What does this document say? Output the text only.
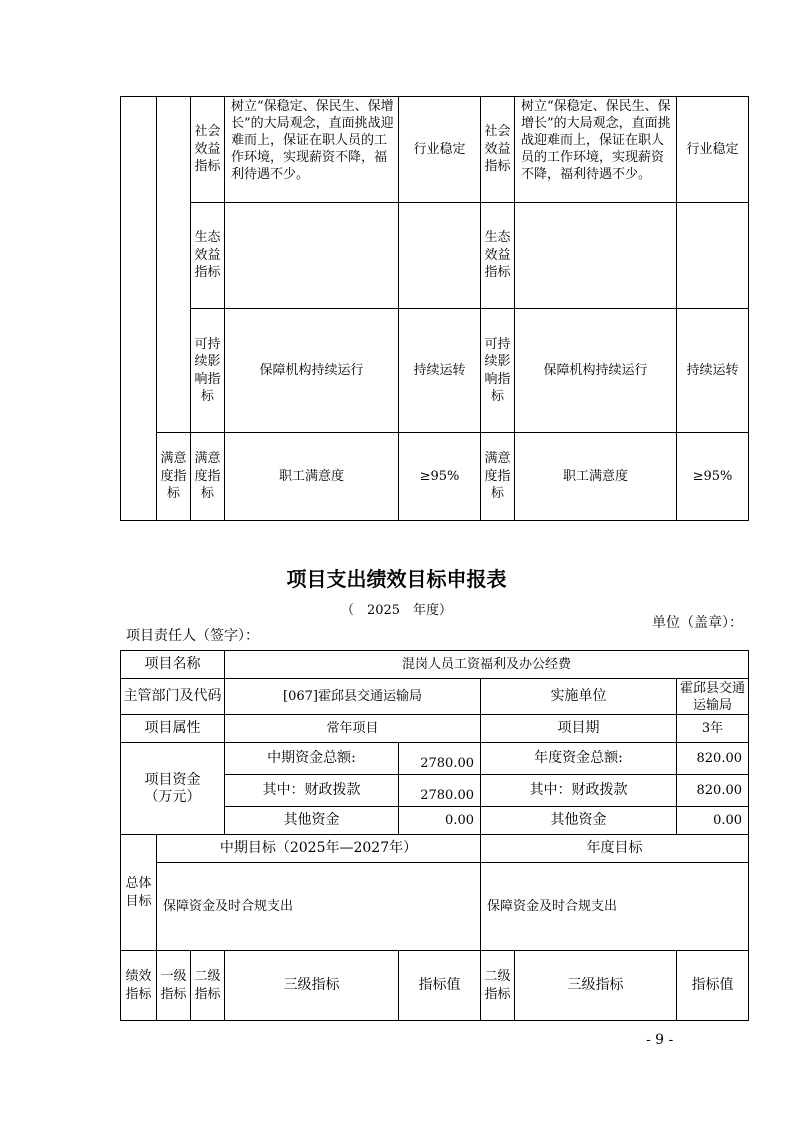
		社会效益指标	树立“保稳定、保民生、保增长”的大局观念，直面挑战迎难而上，保证在职人员的工作环境，实现薪资不降，福利待遇不少。	行业稳定	社会效益指标	树立“保稳定、保民生、保增长”的大局观念，直面挑战迎难而上，保证在职人员的工作环境，实现薪资不降，福利待遇不少。	行业稳定
		生态效益指标			生态效益指标		
		可持续影响指标	保障机构持续运行	持续运转	可持续影响指标	保障机构持续运行	持续运转
	满意度指标	满意度指标	职工满意度	≥95%	满意度指标	职工满意度	≥95%
项目支出绩效目标申报表
（　2025　年度）
项目责任人（签字）：
单位（盖章）：
项目名称			混岗人员工资福利及办公经费				
主管部门及代码			[067]霍邱县交通运输局		实施单位		霍邱县交通运输局
项目属性			常年项目		项目期		3年
项目资金（万元）			中期资金总额:	2780.00	年度资金总额:		820.00
			其中：财政拨款	2780.00	其中：财政拨款		820.00
			其他资金	0.00	其他资金		0.00
总体目标	中期目标（2025年—2027年）				年度目标		
	保障资金及时合规支出				保障资金及时合规支出		
绩效指标	一级指标	二级指标	三级指标	指标值	二级指标	三级指标	指标值
- 9 -
